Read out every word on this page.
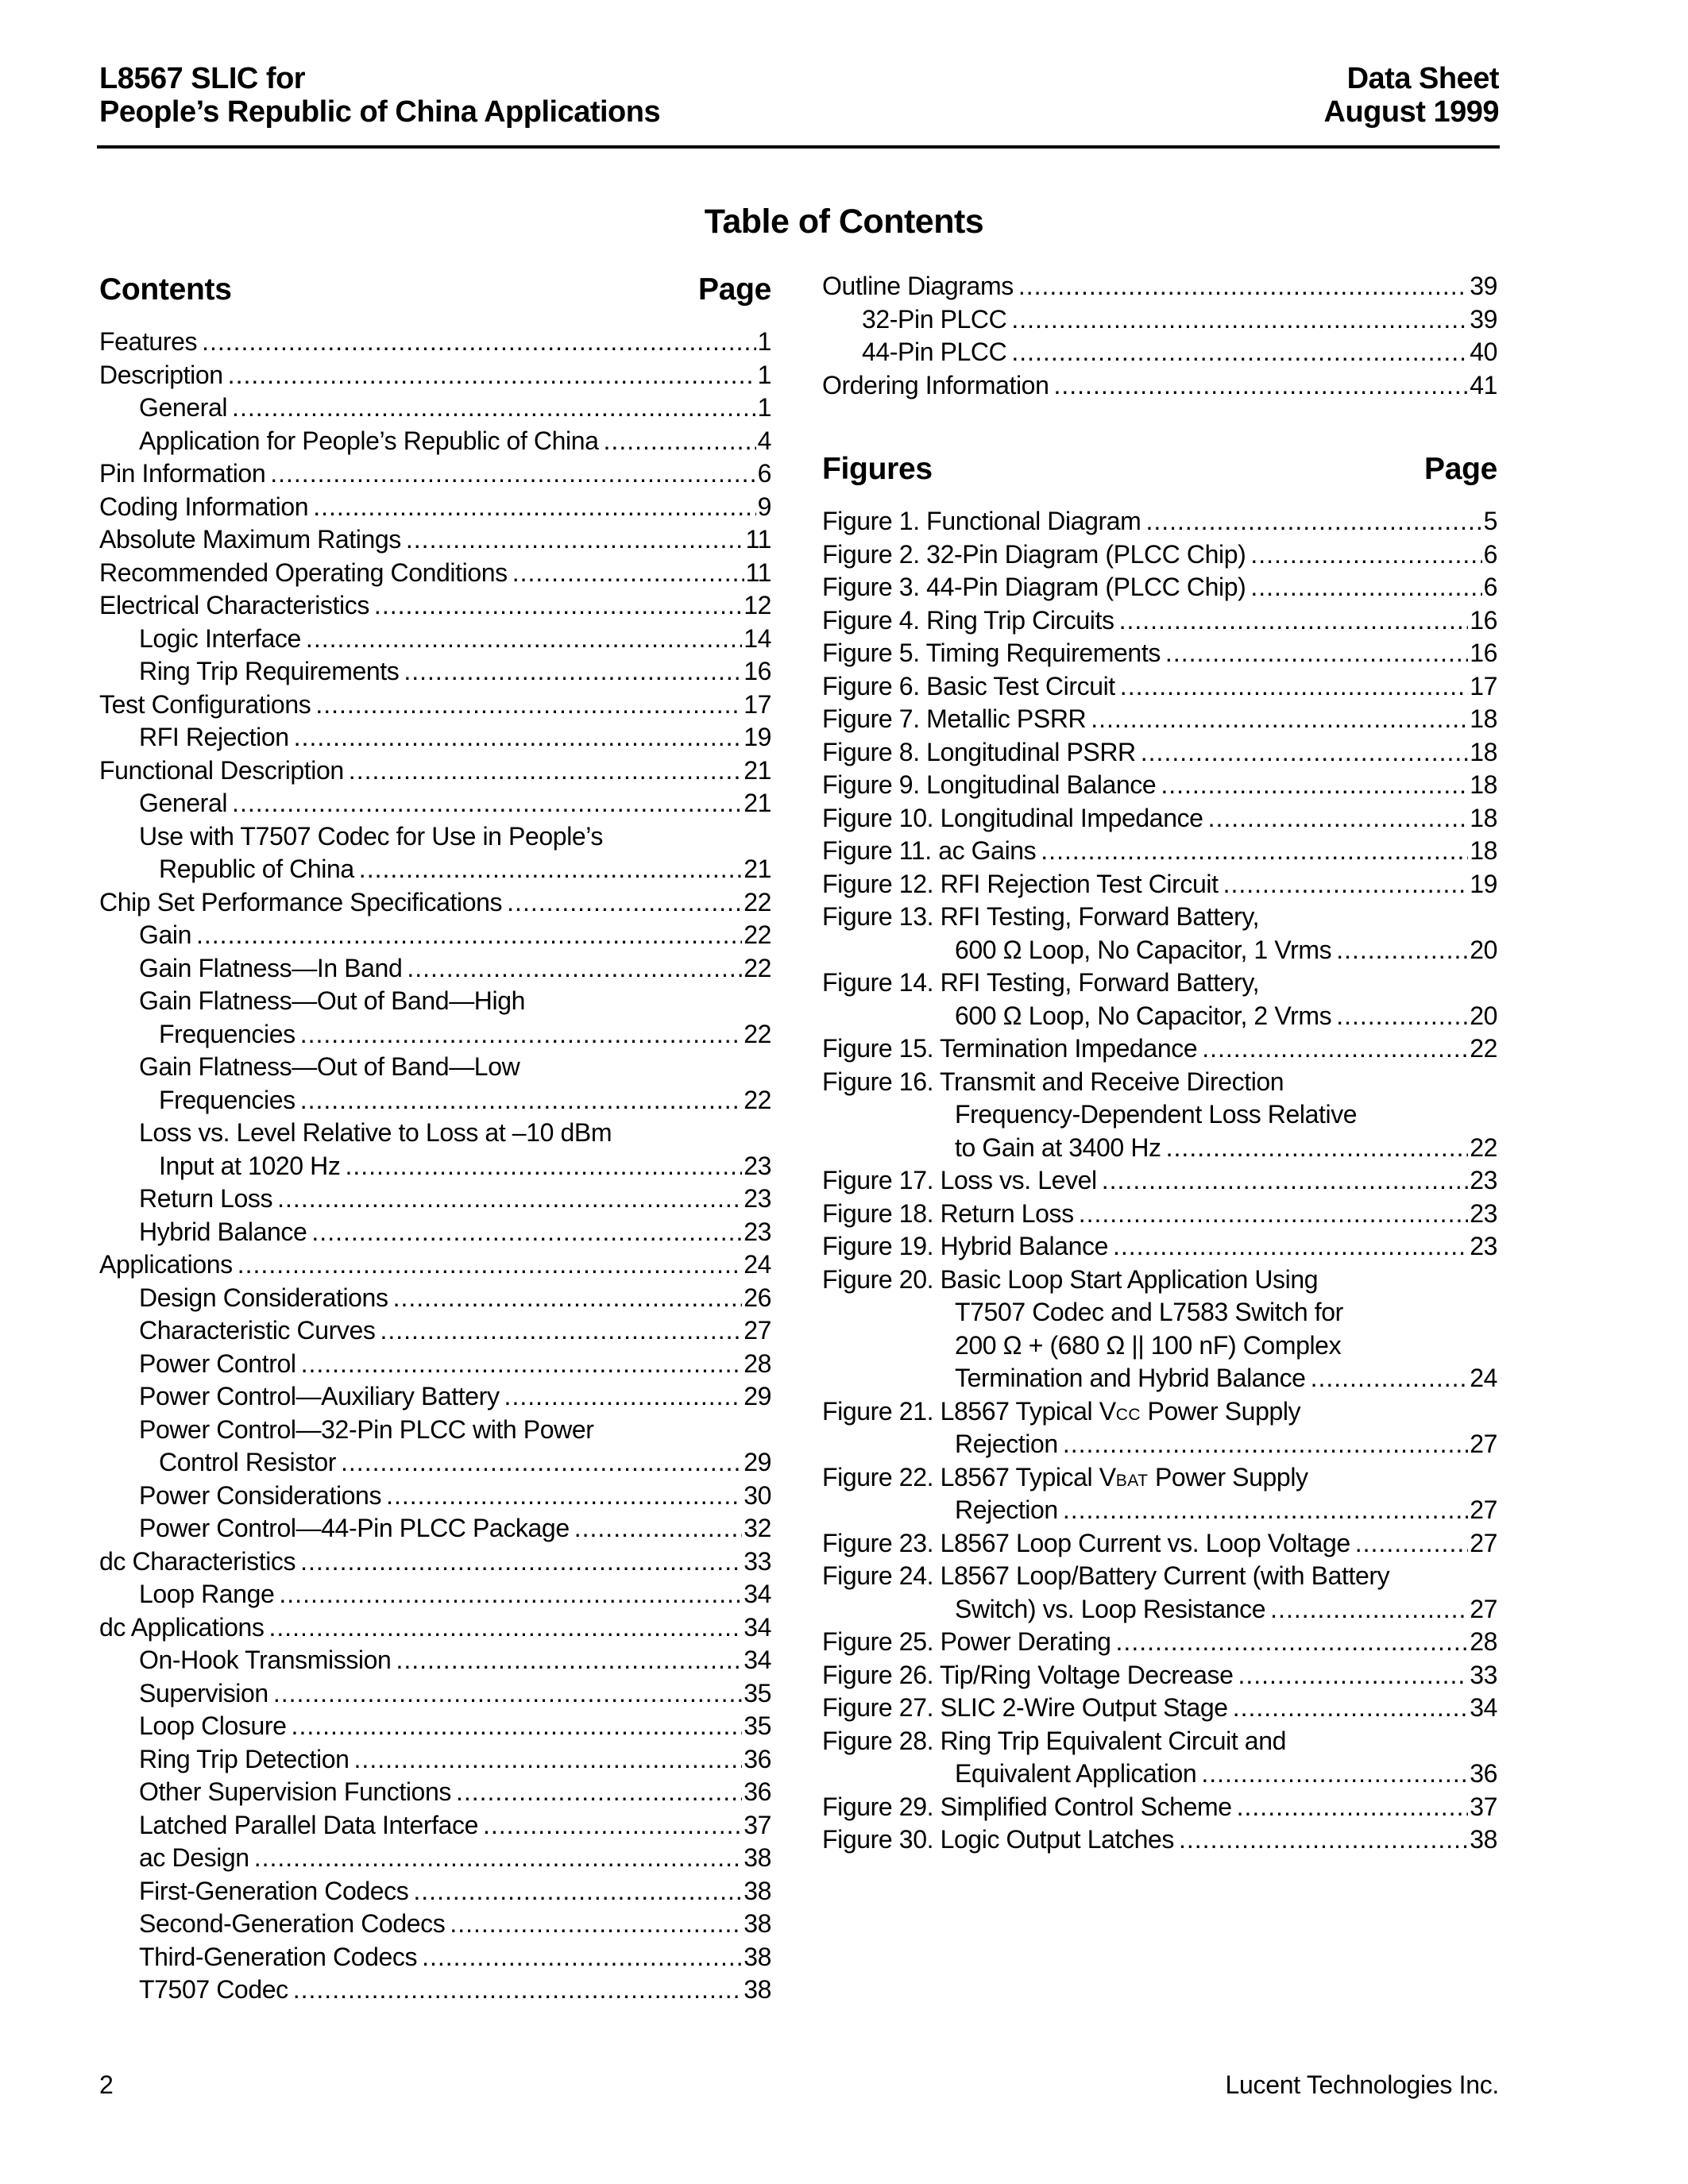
L8567 SLIC for
People’s Republic of China Applications
Data Sheet
August 1999
Table of Contents
Contents	Page
Features .....	1
Description .....	1
General .....	1
Application for People’s Republic of China .....	4
Pin Information .....	6
Coding Information .....	9
Absolute Maximum Ratings .....	11
Recommended Operating Conditions .....	11
Electrical Characteristics .....	12
Logic Interface .....	14
Ring Trip Requirements .....	16
Test Configurations .....	17
RFI Rejection .....	19
Functional Description .....	21
General .....	21
Use with T7507 Codec for Use in People’s
Republic of China .....	21
Chip Set Performance Specifications .....	22
Gain .....	22
Gain Flatness—In Band .....	22
Gain Flatness—Out of Band—High
Frequencies .....	22
Gain Flatness—Out of Band—Low
Frequencies .....	22
Loss vs. Level Relative to Loss at –10 dBm
Input at 1020 Hz .....	23
Return Loss .....	23
Hybrid Balance .....	23
Applications .....	24
Design Considerations .....	26
Characteristic Curves .....	27
Power Control .....	28
Power Control—Auxiliary Battery .....	29
Power Control—32-Pin PLCC with Power
Control Resistor .....	29
Power Considerations .....	30
Power Control—44-Pin PLCC Package .....	32
dc Characteristics .....	33
Loop Range .....	34
dc Applications .....	34
On-Hook Transmission .....	34
Supervision .....	35
Loop Closure .....	35
Ring Trip Detection .....	36
Other Supervision Functions .....	36
Latched Parallel Data Interface .....	37
ac Design .....	38
First-Generation Codecs .....	38
Second-Generation Codecs .....	38
Third-Generation Codecs .....	38
T7507 Codec .....	38
Outline Diagrams .....	39
32-Pin PLCC .....	39
44-Pin PLCC .....	40
Ordering Information .....	41
Figures	Page
Figure 1. Functional Diagram .....	5
Figure 2. 32-Pin Diagram (PLCC Chip) .....	6
Figure 3. 44-Pin Diagram (PLCC Chip) .....	6
Figure 4. Ring Trip Circuits .....	16
Figure 5. Timing Requirements .....	16
Figure 6. Basic Test Circuit .....	17
Figure 7. Metallic PSRR .....	18
Figure 8. Longitudinal PSRR .....	18
Figure 9. Longitudinal Balance .....	18
Figure 10. Longitudinal Impedance .....	18
Figure 11. ac Gains .....	18
Figure 12. RFI Rejection Test Circuit .....	19
Figure 13. RFI Testing, Forward Battery,
600 Ω Loop, No Capacitor, 1 Vrms .....	20
Figure 14. RFI Testing, Forward Battery,
600 Ω Loop, No Capacitor, 2 Vrms .....	20
Figure 15. Termination Impedance .....	22
Figure 16. Transmit and Receive Direction
Frequency-Dependent Loss Relative
to Gain at 3400 Hz .....	22
Figure 17. Loss vs. Level .....	23
Figure 18. Return Loss .....	23
Figure 19. Hybrid Balance .....	23
Figure 20. Basic Loop Start Application Using
T7507 Codec and L7583 Switch for
200 Ω + (680 Ω || 100 nF) Complex
Termination and Hybrid Balance .....	24
Figure 21. L8567 Typical VCC Power Supply
Rejection .....	27
Figure 22. L8567 Typical VBAT Power Supply
Rejection .....	27
Figure 23. L8567 Loop Current vs. Loop Voltage .....	27
Figure 24. L8567 Loop/Battery Current (with Battery
Switch) vs. Loop Resistance .....	27
Figure 25. Power Derating .....	28
Figure 26. Tip/Ring Voltage Decrease .....	33
Figure 27. SLIC 2-Wire Output Stage .....	34
Figure 28. Ring Trip Equivalent Circuit and
Equivalent Application .....	36
Figure 29. Simplified Control Scheme .....	37
Figure 30. Logic Output Latches .....	38
2	Lucent Technologies Inc.
